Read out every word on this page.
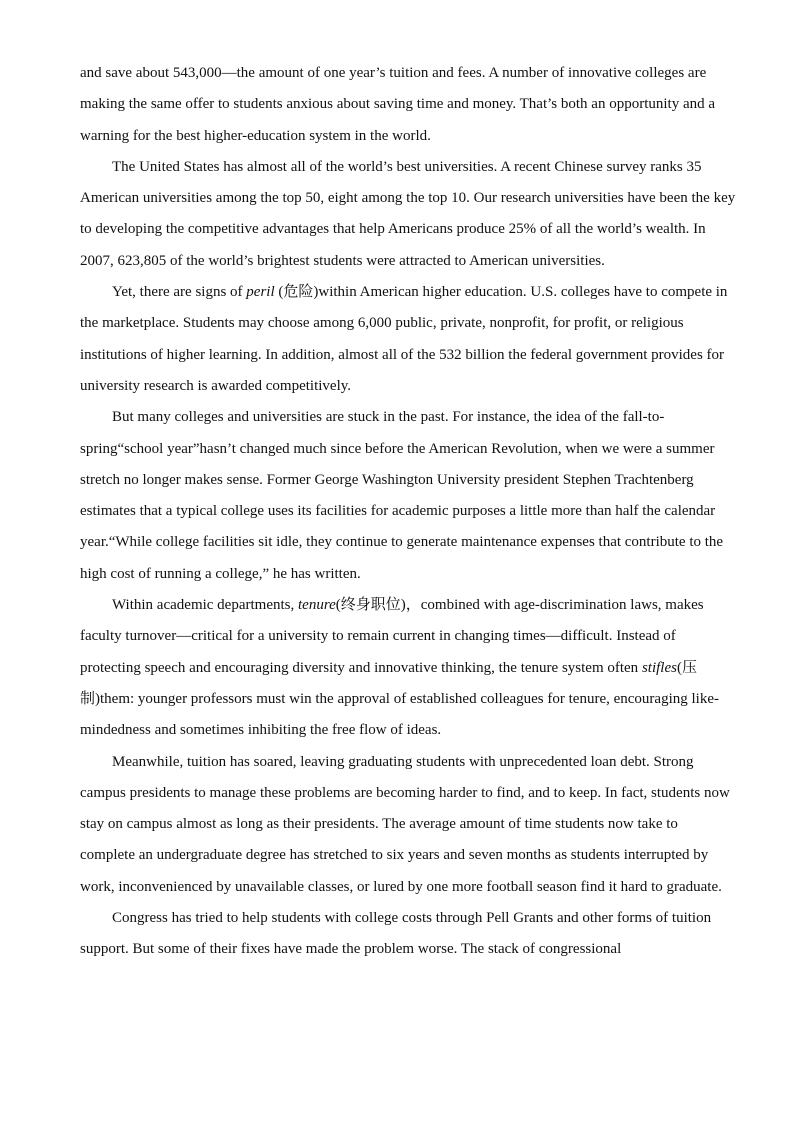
and save about 543,000—the amount of one year’s tuition and fees. A number of innovative colleges are making the same offer to students anxious about saving time and money. That’s both an opportunity and a warning for the best higher-education system in the world.

The United States has almost all of the world’s best universities. A recent Chinese survey ranks 35 American universities among the top 50, eight among the top 10. Our research universities have been the key to developing the competitive advantages that help Americans produce 25% of all the world’s wealth. In 2007, 623,805 of the world’s brightest students were attracted to American universities.

Yet, there are signs of peril (危险)within American higher education. U.S. colleges have to compete in the marketplace. Students may choose among 6,000 public, private, nonprofit, for profit, or religious institutions of higher learning. In addition, almost all of the 532 billion the federal government provides for university research is awarded competitively.

But many colleges and universities are stuck in the past. For instance, the idea of the fall-to-spring“school year”hasn’t changed much since before the American Revolution, when we were a summer stretch no longer makes sense. Former George Washington University president Stephen Trachtenberg estimates that a typical college uses its facilities for academic purposes a little more than half the calendar year.“While college facilities sit idle, they continue to generate maintenance expenses that contribute to the high cost of running a college,” he has written.

Within academic departments, tenure(终身职位)，combined with age-discrimination laws, makes faculty turnover—critical for a university to remain current in changing times—difficult. Instead of protecting speech and encouraging diversity and innovative thinking, the tenure system often stifles(压制)them: younger professors must win the approval of established colleagues for tenure, encouraging like-mindedness and sometimes inhibiting the free flow of ideas.

Meanwhile, tuition has soared, leaving graduating students with unprecedented loan debt. Strong campus presidents to manage these problems are becoming harder to find, and to keep. In fact, students now stay on campus almost as long as their presidents. The average amount of time students now take to complete an undergraduate degree has stretched to six years and seven months as students interrupted by work, inconvenienced by unavailable classes, or lured by one more football season find it hard to graduate.

Congress has tried to help students with college costs through Pell Grants and other forms of tuition support. But some of their fixes have made the problem worse. The stack of congressional
